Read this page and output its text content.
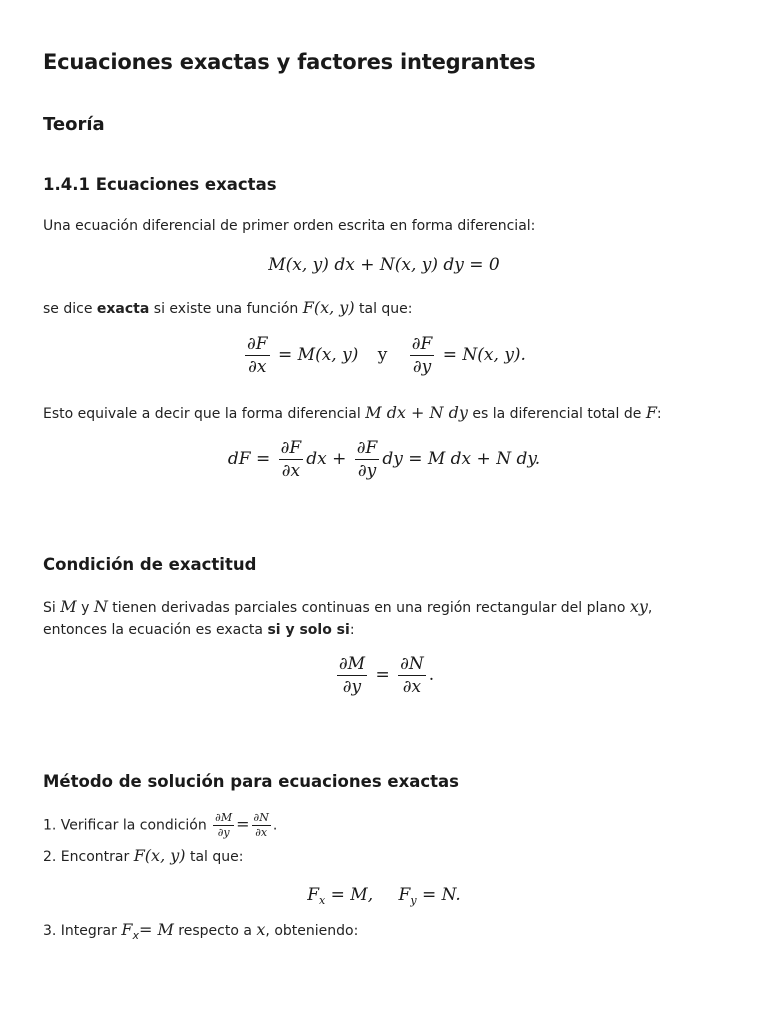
Ecuaciones exactas y factores integrantes
Teoría
1.4.1 Ecuaciones exactas

Una ecuación diferencial de primer orden escrita en forma diferencial:

M(x, y) dx + N(x, y) dy = 0

se dice exacta si existe una función F(x, y) tal que:

$\frac{\partial F}{\partial x} = M(x$, y) y $\frac{\partial F}{\partial y} = N(x$, y).

Esto equivale a decir que la forma diferencial M dx + N dy es la diferencial total de F:

dF = $\frac{\partial F}{\partial x}$ dx + $\frac{\partial F}{\partial y}$ dy = M dx + N dy.
Condición de exactitud

Si M y N tienen derivadas parciales continuas en una región rectangular del plano xy, entonces la ecuación es exacta si y solo si:

$\frac{\partial M}{\partial y} = \frac{\partial N}{\partial x}$ .
Método de solución para ecuaciones exactas

1. Verificar la condición $\frac{\partial M}{\partial y} = \frac{\partial N}{\partial x}$ .

2. Encontrar F(x, y) tal que:

$F_x = M$, $F_y = N$.

3. Integrar $F_x= M$ respecto a x, obteniendo:
